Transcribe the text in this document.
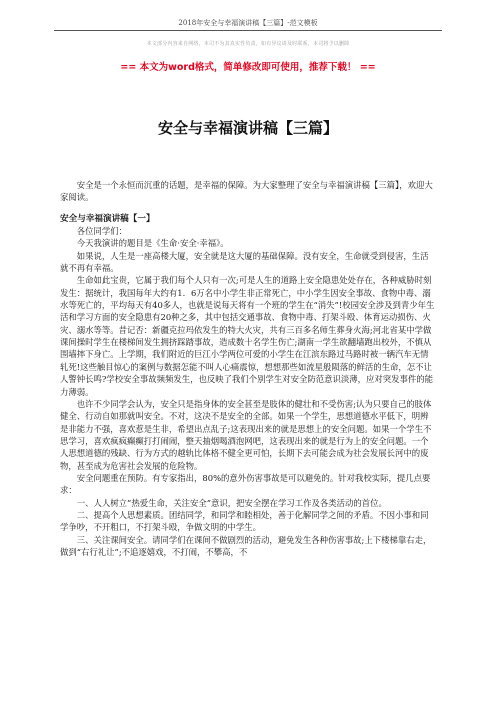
2018年安全与幸福演讲稿【三篇】-范文模板
本文部分内容来自网络，本司不为其真实性负责，如有异议请及时联系，本司将予以删除
== 本文为word格式，简单修改即可使用，推荐下载！ ==
安全与幸福演讲稿【三篇】

安全是一个永恒而沉重的话题，是幸福的保障。为大家整理了安全与幸福演讲稿【三篇】，欢迎大家阅读。

安全与幸福演讲稿【一】

各位同学们：

今天我演讲的题目是《生命·安全·幸福》。

如果说，人生是一座高楼大厦，安全就是这大厦的基础保障。没有安全，生命就受到侵害，生活就不再有幸福。

生命如此宝贵，它属于我们每个人只有一次;可是人生的道路上安全隐患处处存在，各种威胁时刻发生：据统计，我国每年大约有1．6万名中小学生非正常死亡，中小学生因安全事故、食物中毒、溺水等死亡的，平均每天有40多人，也就是说每天将有一个班的学生在“消失”!校园安全涉及到青少年生活和学习方面的安全隐患有20种之多，其中包括交通事故、食物中毒、打架斗殴、体育运动损伤、火灾、溺水等等。昔记否：新疆克拉玛依发生的特大火灾，共有三百多名师生葬身火海;河北省某中学做课间操时学生在楼梯间发生拥挤踩踏事故，造成数十名学生伤亡;湖南一学生欲翻墙跑出校外，不慎从围墙摔下身亡。上学期，我们附近的巨江小学两位可爱的小学生在江滨东路过马路时被一辆汽车无情轧死!这些触目惊心的案例与数据怎能不叫人心痛震惊，想想那些如流星般陨落的鲜活的生命，怎不让人警钟长鸣?学校安全事故频频发生，也反映了我们个别学生对安全防范意识淡薄，应对突发事件的能力薄弱。

也许不少同学会认为，安全只是指身体的安全甚至是肢体的健壮和不受伤害;认为只要自己的肢体健全、行动自如那就叫安全。不对，这决不是安全的全部。如果一个学生，思想道德水平低下，明辨是非能力不强，喜欢惹是生非，希望出点乱子;这表现出来的就是思想上的安全问题。如果一个学生不思学习，喜欢疯疯癫癫打打闹闹，整天抽烟喝酒泡网吧，这表现出来的就是行为上的安全问题。一个人思想道德的残缺、行为方式的越轨比体格不健全更可怕，长期下去可能会成为社会发展长河中的废物，甚至成为危害社会发展的危险物。

安全问题重在预防。有专家指出，80%的意外伤害事故是可以避免的。针对我校实际，提几点要求：

一、人人树立”热爱生命，关注安全”意识，把安全摆在学习工作及各类活动的首位。

二、提高个人思想素质。团结同学，和同学和睦相处，善于化解同学之间的矛盾。不因小事和同学争吵，不开粗口，不打架斗殴，争做文明的中学生。

三、关注课间安全。请同学们在课间不做剧烈的活动，避免发生各种伤害事故;上下楼梯靠右走，做到“右行礼让”;不追逐嬉戏，不打闹，不攀高，不
